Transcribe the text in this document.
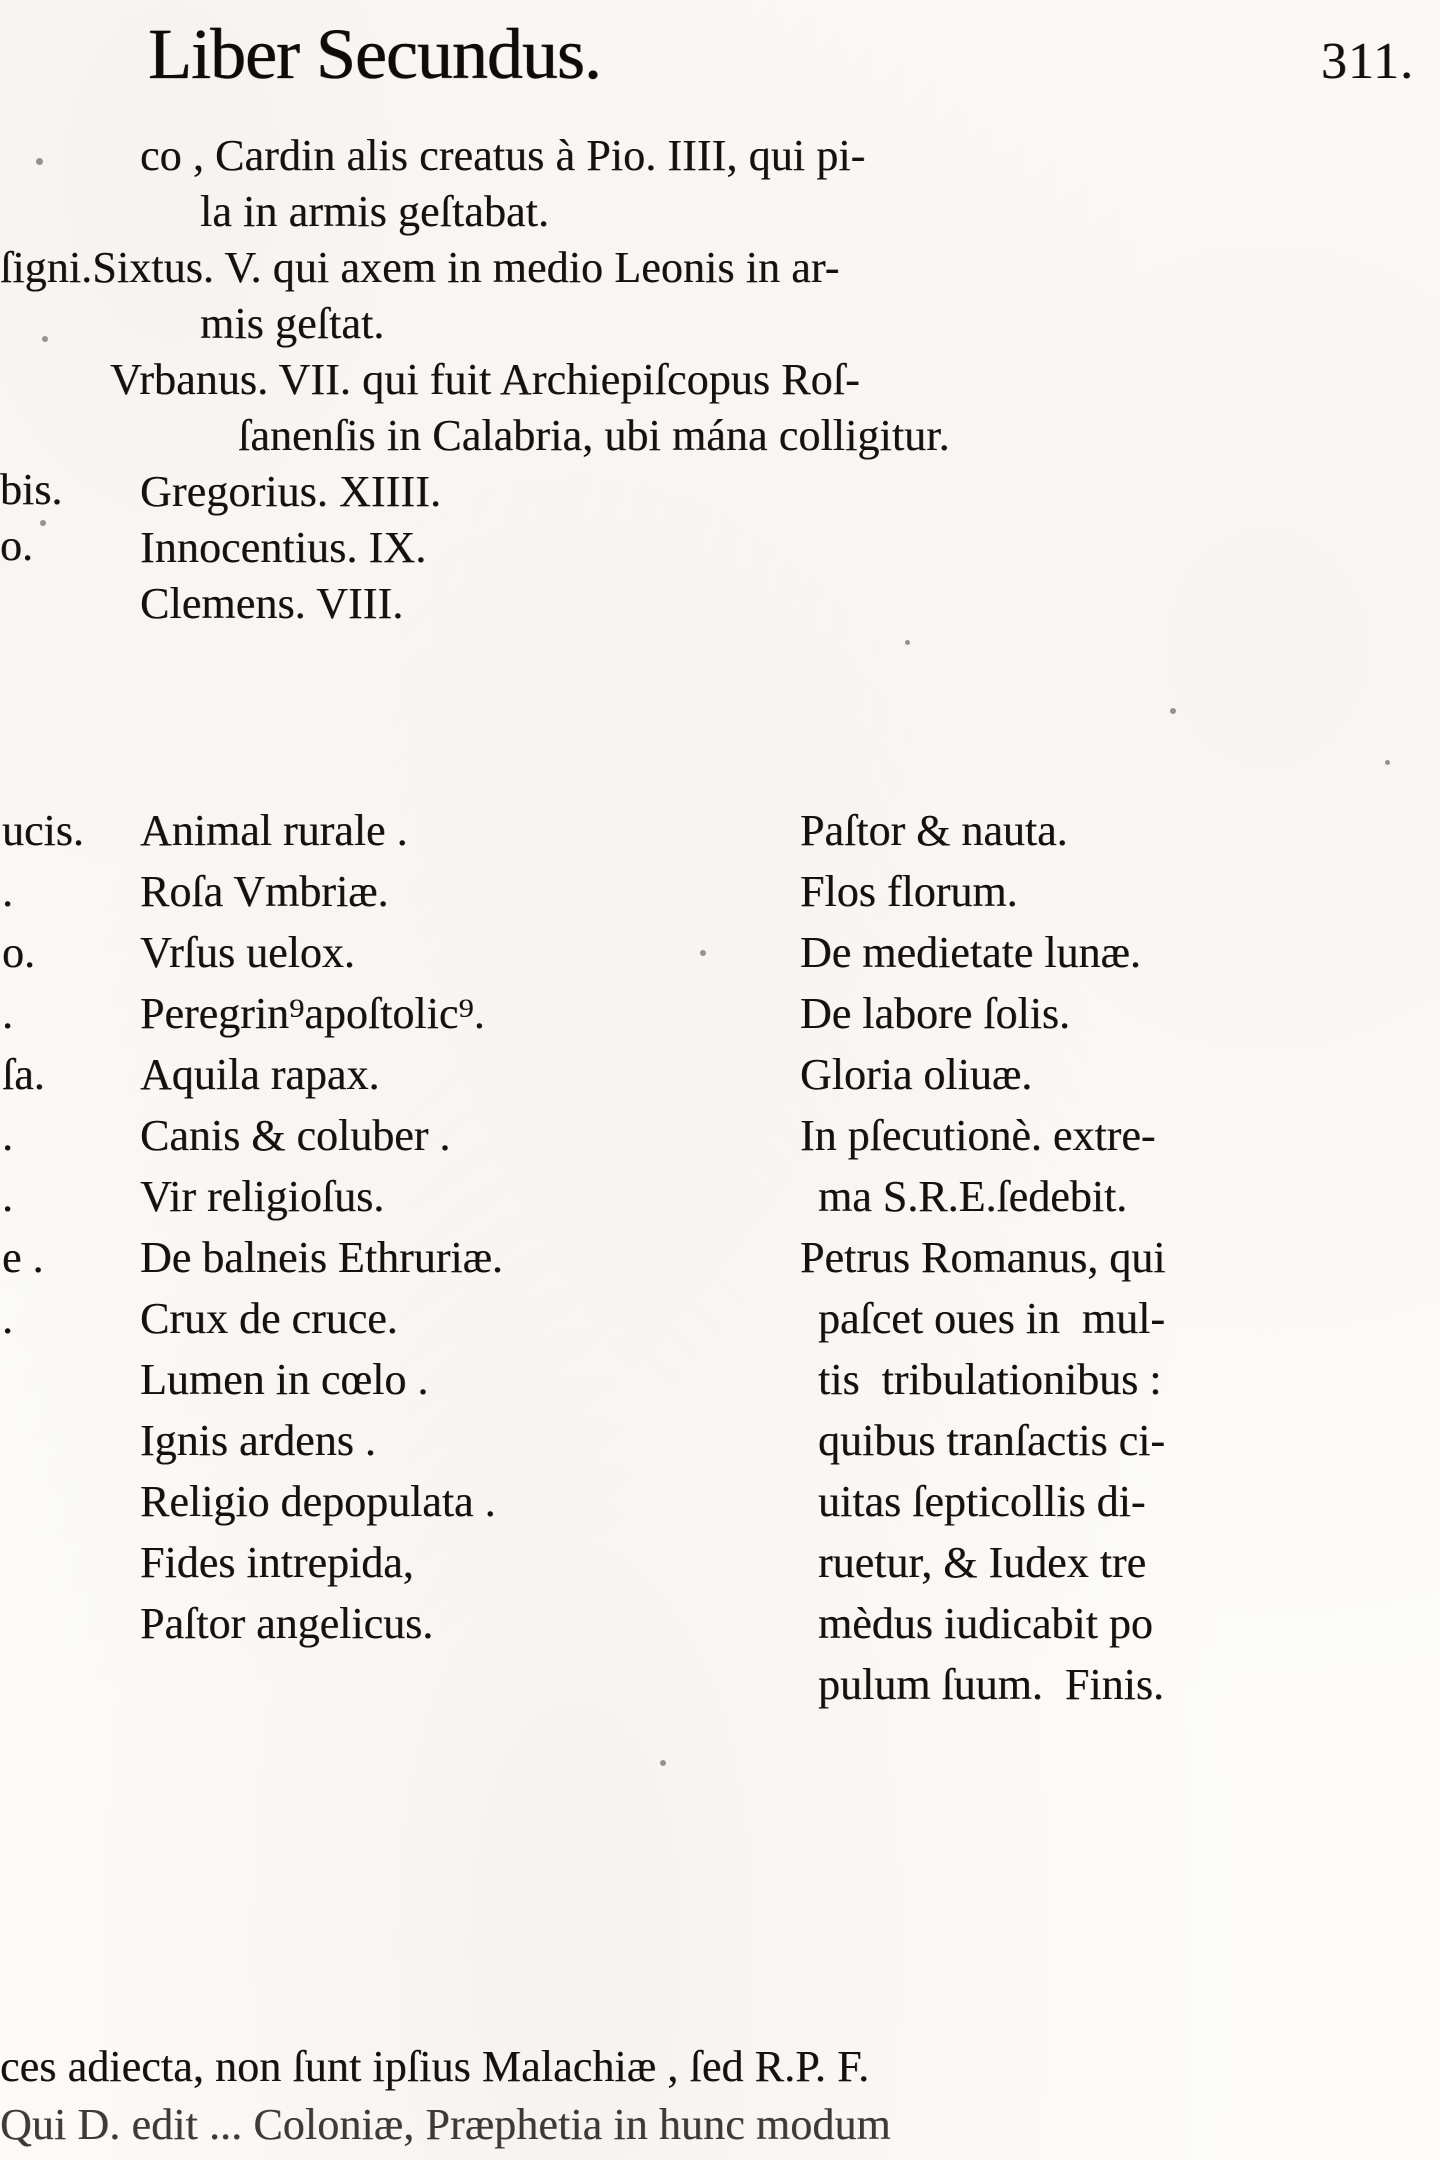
Liber Secundus.	311.
co , Cardin alis creatus à Pio. IIII, qui pi-
la in armis geſtabat.
ſigni.Sixtus. V. qui axem in medio Leonis in ar-
mis geſtat.
Vrbanus. VII. qui fuit Archiepiſcopus Roſ-
ſanenſis in Calabria, ubi mána colligitur.
Gregorius. XIIII.
Innocentius. IX.
Clemens. VIII.
bis.
o.
ucis.
.
o.
.
ſa.
.
.
e .
.
Animal rurale .
Roſa Vmbriæ.
Vrſus uelox.
Peregrin⁹apoſtolic⁹.
Aquila rapax.
Canis & coluber .
Vir religioſus.
De balneis Ethruriæ.
Crux de cruce.
Lumen in cœlo .
Ignis ardens .
Religio depopulata .
Fides intrepida,
Paſtor angelicus.
Paſtor & nauta.
Flos florum.
De medietate lunæ.
De labore ſolis.
Gloria oliuæ.
In pſecutionè. extre-
ma S.R.E.ſedebit.
Petrus Romanus, qui
paſcet oues in  mul-
tis  tribulationibus :
quibus tranſactis ci-
uitas ſepticollis di-
ruetur, & Iudex tre
mèdus iudicabit po
pulum ſuum.  Finis.
ces adiecta, non ſunt ipſius Malachiæ , ſed R.P. F.
Qui D. edit ... Coloniæ, Præphetia in hunc modum
